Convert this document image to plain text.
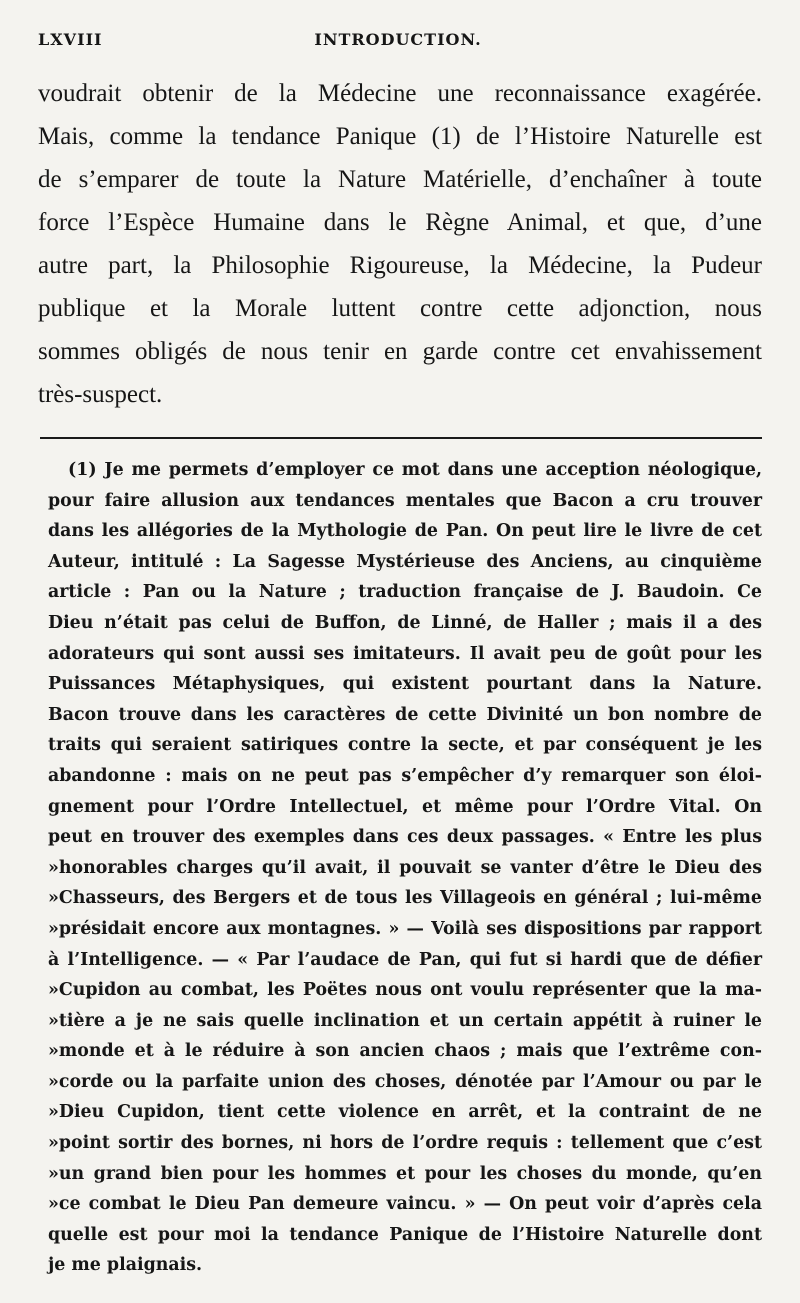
LXVIII	INTRODUCTION.
voudrait obtenir de la Médecine une reconnaissance exagérée.
Mais, comme la tendance Panique (1) de l’Histoire Naturelle est
de s’emparer de toute la Nature Matérielle, d’enchaîner à toute
force l’Espèce Humaine dans le Règne Animal, et que, d’une
autre part, la Philosophie Rigoureuse, la Médecine, la Pudeur
publique et la Morale luttent contre cette adjonction, nous
sommes obligés de nous tenir en garde contre cet envahissement
très-suspect.
(1) Je me permets d’employer ce mot dans une acception néologique,
pour faire allusion aux tendances mentales que Bacon a cru trouver
dans les allégories de la Mythologie de Pan. On peut lire le livre de cet
Auteur, intitulé : La Sagesse Mystérieuse des Anciens, au cinquième
article : Pan ou la Nature ; traduction française de J. Baudoin. Ce
Dieu n’était pas celui de Buffon, de Linné, de Haller ; mais il a des
adorateurs qui sont aussi ses imitateurs. Il avait peu de goût pour les
Puissances Métaphysiques, qui existent pourtant dans la Nature.
Bacon trouve dans les caractères de cette Divinité un bon nombre de
traits qui seraient satiriques contre la secte, et par conséquent je les
abandonne : mais on ne peut pas s’empêcher d’y remarquer son éloi-
gnement pour l’Ordre Intellectuel, et même pour l’Ordre Vital. On
peut en trouver des exemples dans ces deux passages. « Entre les plus
»honorables charges qu’il avait, il pouvait se vanter d’être le Dieu des
»Chasseurs, des Bergers et de tous les Villageois en général ; lui-même
»présidait encore aux montagnes. » — Voilà ses dispositions par rapport
à l’Intelligence. — « Par l’audace de Pan, qui fut si hardi que de défier
»Cupidon au combat, les Poëtes nous ont voulu représenter que la ma-
»tière a je ne sais quelle inclination et un certain appétit à ruiner le
»monde et à le réduire à son ancien chaos ; mais que l’extrême con-
»corde ou la parfaite union des choses, dénotée par l’Amour ou par le
»Dieu Cupidon, tient cette violence en arrêt, et la contraint de ne
»point sortir des bornes, ni hors de l’ordre requis : tellement que c’est
»un grand bien pour les hommes et pour les choses du monde, qu’en
»ce combat le Dieu Pan demeure vaincu. » — On peut voir d’après cela
quelle est pour moi la tendance Panique de l’Histoire Naturelle dont
je me plaignais.
